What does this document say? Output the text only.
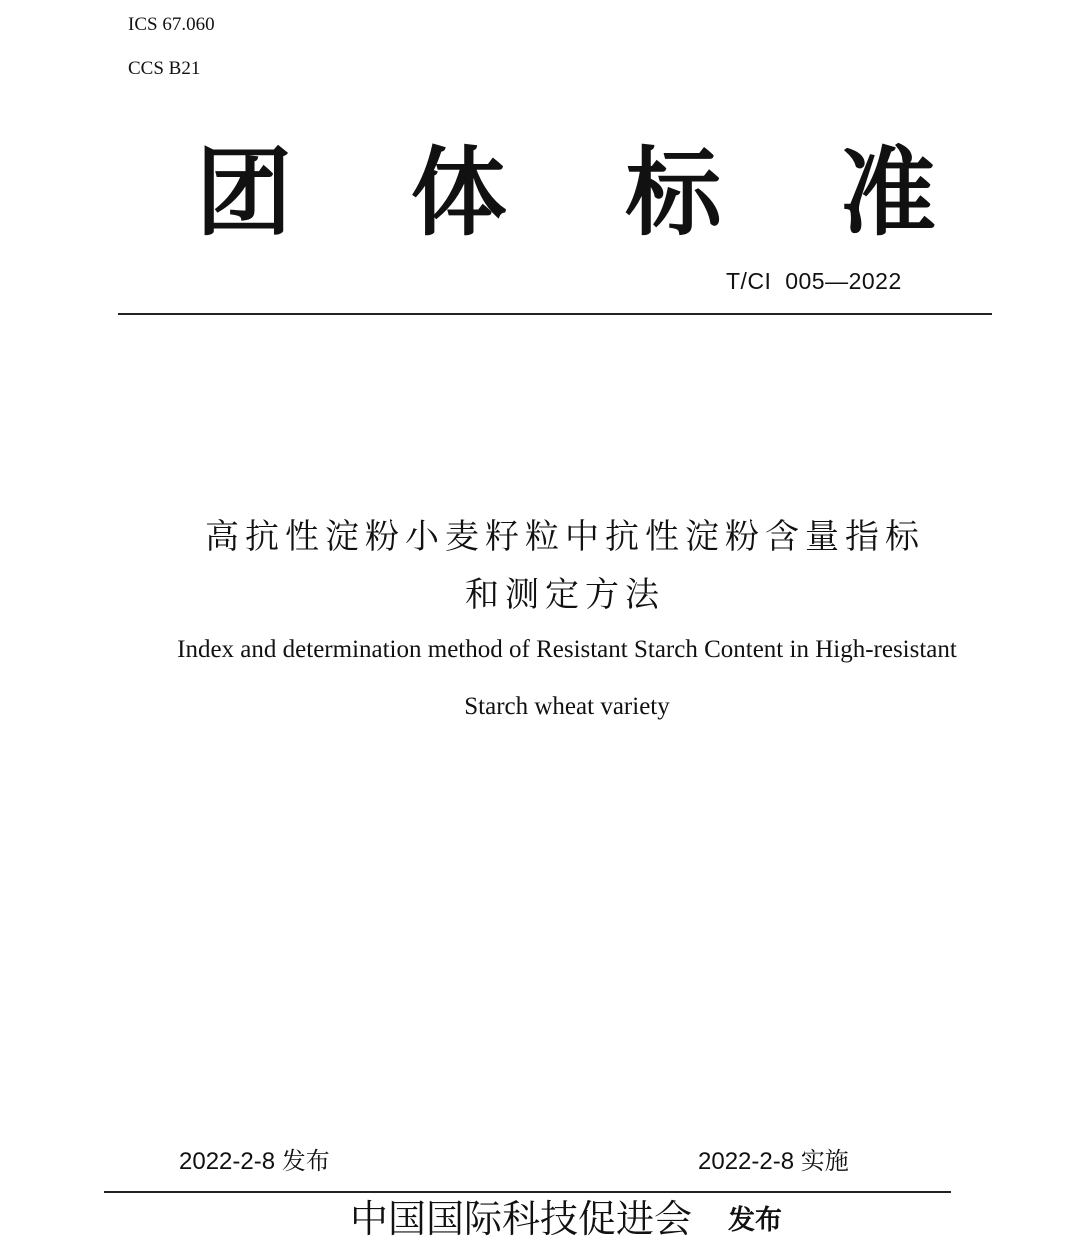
ICS 67.060
CCS B21
团 体 标 准
T/CI  005—2022
高抗性淀粉小麦籽粒中抗性淀粉含量指标
和测定方法
Index and determination method of Resistant Starch Content in High-resistant
Starch wheat variety
2022-2-8 发布	2022-2-8 实施
中国国际科技促进会 发布
